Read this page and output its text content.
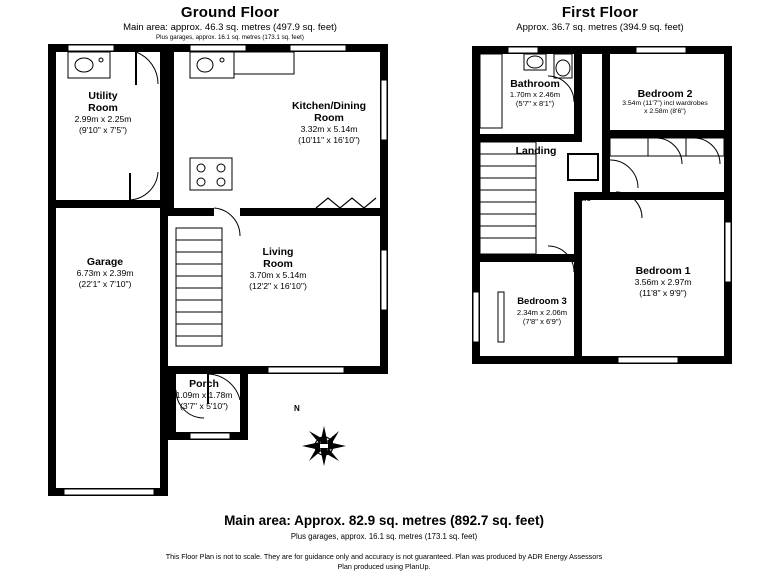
Ground Floor
Main area: approx. 46.3 sq. metres (497.9 sq. feet)
Plus garages, approx. 16.1 sq. metres (173.1 sq. feet)
First Floor
Approx. 36.7 sq. metres (394.9 sq. feet)
Utility
Room
2.99m x 2.25m
(9'10" x 7'5")
Kitchen/Dining
Room
3.32m x 5.14m
(10'11" x 16'10")
Garage
6.73m x 2.39m
(22'1" x 7'10")
Living
Room
3.70m x 5.14m
(12'2" x 16'10")
Porch
1.09m x 1.78m
(3'7" x 5'10")
HWC
Bathroom
1.70m x 2.46m
(5'7" x 8'1")
Bedroom 2
3.54m (11'7") incl wardrobes
x 2.58m (8'6")
Landing
Bedroom 1
3.56m x 2.97m
(11'8" x 9'9")
Bedroom 3
2.34m x 2.06m
(7'8" x 6'9")
N
Main area: Approx. 82.9 sq. metres (892.7 sq. feet)
Plus garages, approx. 16.1 sq. metres (173.1 sq. feet)
This Floor Plan is not to scale. They are for guidance only and accuracy is not guaranteed. Plan was produced by ADR Energy Assessors
Plan produced using PlanUp.
